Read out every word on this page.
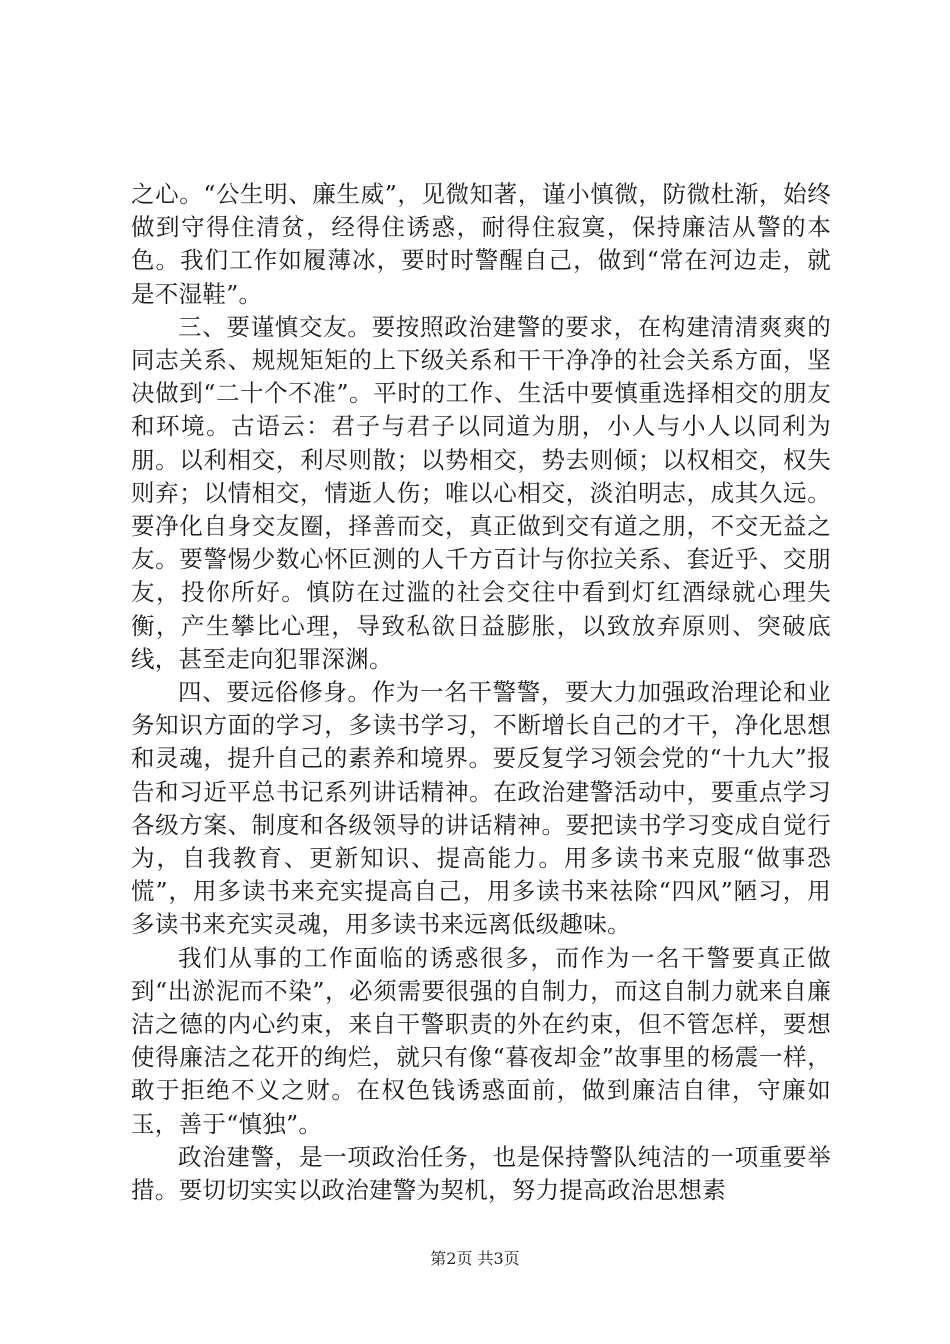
之心。“公生明、廉生威”，见微知著，谨小慎微，防微杜渐，始终做到守得住清贫，经得住诱惑，耐得住寂寞，保持廉洁从警的本色。我们工作如履薄冰，要时时警醒自己，做到“常在河边走，就是不湿鞋”。

三、要谨慎交友。要按照政治建警的要求，在构建清清爽爽的同志关系、规规矩矩的上下级关系和干干净净的社会关系方面，坚决做到“二十个不准”。平时的工作、生活中要慎重选择相交的朋友和环境。古语云：君子与君子以同道为朋，小人与小人以同利为朋。以利相交，利尽则散；以势相交，势去则倾；以权相交，权失则弃；以情相交，情逝人伤；唯以心相交，淡泊明志，成其久远。要净化自身交友圈，择善而交，真正做到交有道之朋，不交无益之友。要警惕少数心怀叵测的人千方百计与你拉关系、套近乎、交朋友，投你所好。慎防在过滥的社会交往中看到灯红酒绿就心理失衡，产生攀比心理，导致私欲日益膨胀，以致放弃原则、突破底线，甚至走向犯罪深渊。

四、要远俗修身。作为一名干警警，要大力加强政治理论和业务知识方面的学习，多读书学习，不断增长自己的才干，净化思想和灵魂，提升自己的素养和境界。要反复学习领会党的“十九大”报告和习近平总书记系列讲话精神。在政治建警活动中，要重点学习各级方案、制度和各级领导的讲话精神。要把读书学习变成自觉行为，自我教育、更新知识、提高能力。用多读书来克服“做事恐慌”，用多读书来充实提高自己，用多读书来祛除“四风”陋习，用多读书来充实灵魂，用多读书来远离低级趣味。

我们从事的工作面临的诱惑很多，而作为一名干警要真正做到“出淤泥而不染”，必须需要很强的自制力，而这自制力就来自廉洁之德的内心约束，来自干警职责的外在约束，但不管怎样，要想使得廉洁之花开的绚烂，就只有像“暮夜却金”故事里的杨震一样，敢于拒绝不义之财。在权色钱诱惑面前，做到廉洁自律，守廉如玉，善于“慎独”。

政治建警，是一项政治任务，也是保持警队纯洁的一项重要举措。要切切实实以政治建警为契机，努力提高政治思想素

第2页 共3页
